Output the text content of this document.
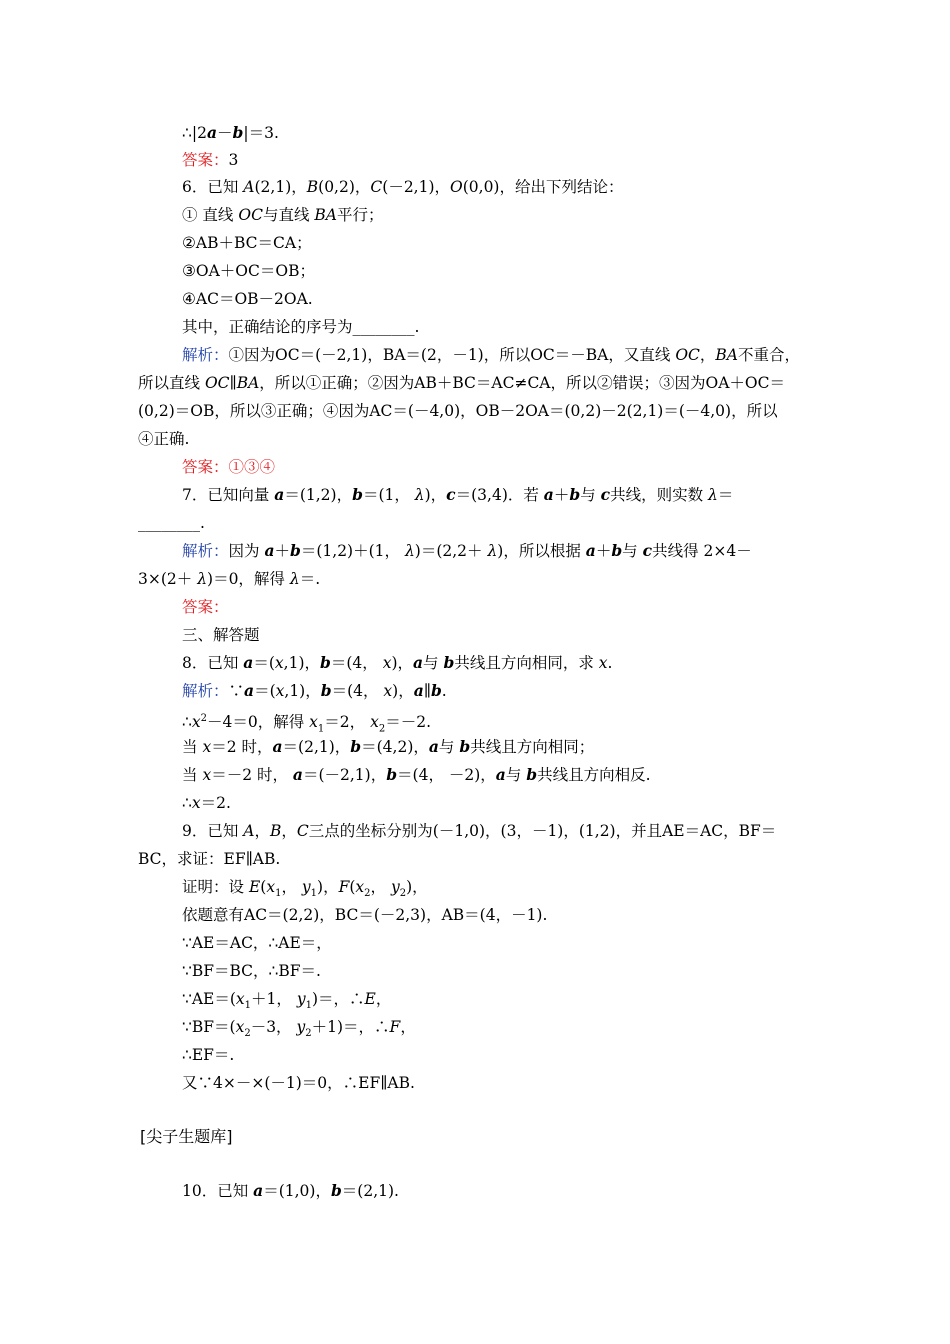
∴|2a－b|＝3.
答案：3
6．已知 A(2,1)，B(0,2)，C(－2,1)，O(0,0)，给出下列结论：
① 直线 OC与直线 BA平行；
②AB＋BC＝CA；
③OA＋OC＝OB；
④AC＝OB－2OA.
其中，正确结论的序号为________.
解析：①因为OC＝(－2,1)，BA＝(2，－1)，所以OC＝－BA，又直线 OC，BA不重合，
所以直线 OC∥BA，所以①正确；②因为AB＋BC＝AC≠CA，所以②错误；③因为OA＋OC＝
(0,2)＝OB，所以③正确；④因为AC＝(－4,0)，OB－2OA＝(0,2)－2(2,1)＝(－4,0)，所以
④正确.
答案：①③④
7．已知向量 a＝(1,2)，b＝(1， λ)，c＝(3,4)．若 a＋b与 c共线，则实数 λ＝
________.
解析：因为 a＋b＝(1,2)＋(1， λ)＝(2,2＋ λ)，所以根据 a＋b与 c共线得 2×4－
3×(2＋ λ)＝0，解得 λ＝.
答案：
三、解答题
8．已知 a＝(x,1)，b＝(4， x)，a与 b共线且方向相同，求 x.
解析：∵a＝(x,1)，b＝(4， x)，a∥b.
$\therefore x^2-4=0$，解得 $x_1=2$， $x_2=-2$.
当 x＝2 时，a＝(2,1)，b＝(4,2)，a与 b共线且方向相同；
当 x＝－2 时， a＝(－2,1)，b＝(4， －2)，a与 b共线且方向相反.
∴x＝2.
9．已知 A，B，C三点的坐标分别为(－1,0)，(3，－1)，(1,2)，并且AE＝AC，BF＝
BC，求证：EF∥AB.
证明：设 $E(x_1$， $y_1$)，$F(x_2$， $y_2$)，
依题意有AC＝(2,2)，BC＝(－2,3)，AB＝(4，－1).
∵AE＝AC，∴AE＝，
∵BF＝BC，∴BF＝.
$\because AE=(x_1+1$， $y_1)=$，∴E，
$\because BF=(x_2-3$， $y_2+1)=$，∴F，
∴EF＝.
又∵4×－×(－1)＝0，∴EF∥AB.
[尖子生题库]
10．已知 a＝(1,0)，b＝(2,1).
